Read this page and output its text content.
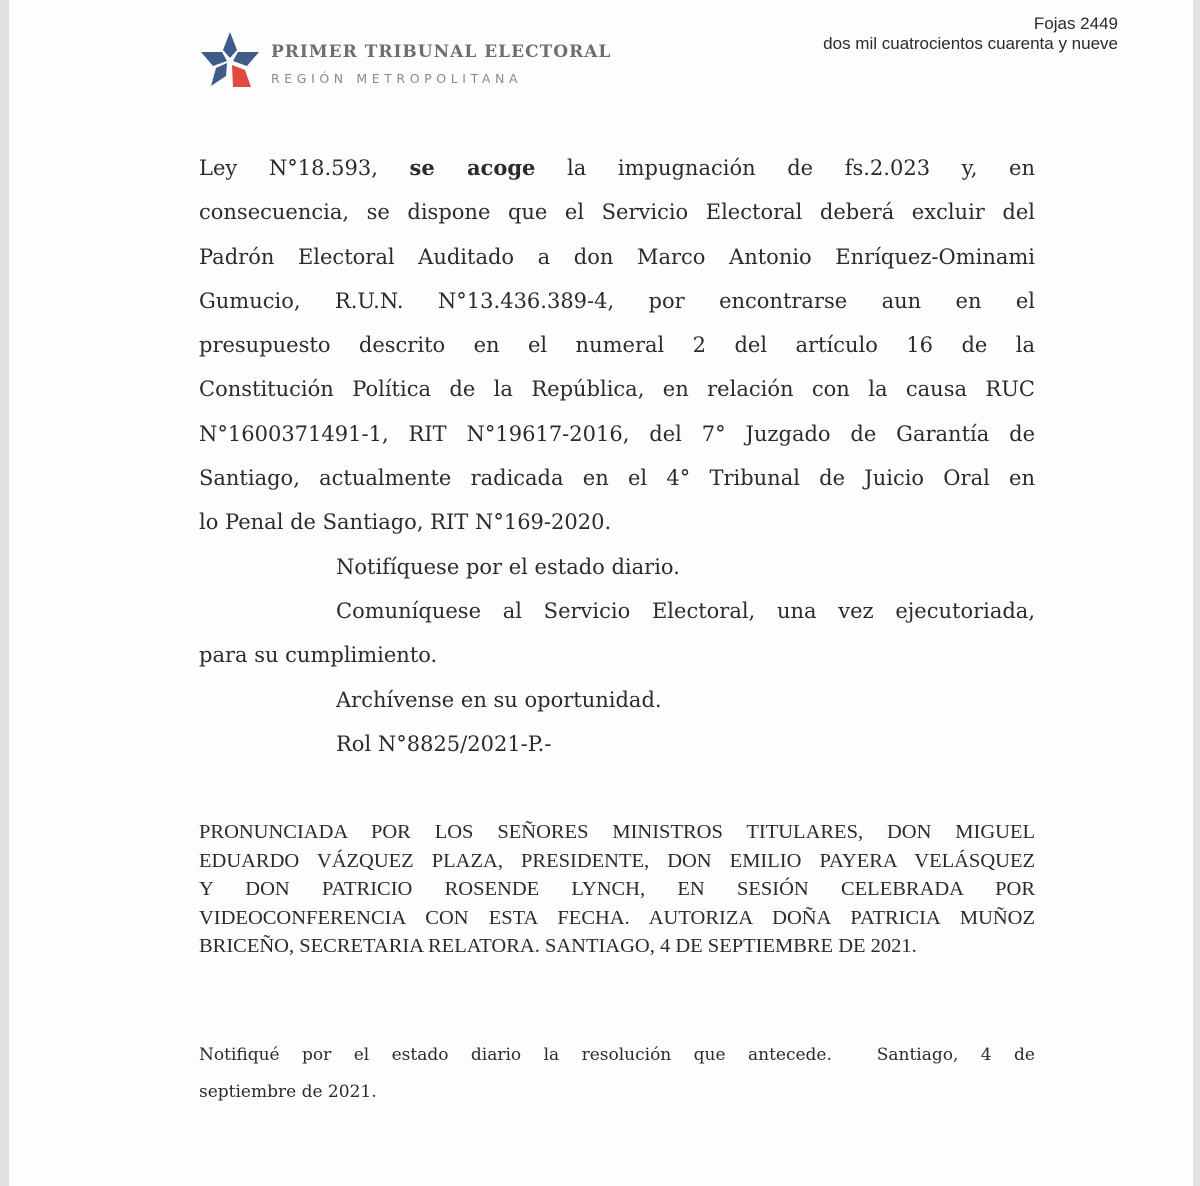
PRIMER TRIBUNAL ELECTORAL
REGIÓN METROPOLITANA
Fojas 2449
dos mil cuatrocientos cuarenta y nueve
Ley N°18.593, se acoge la impugnación de fs.2.023 y, en
consecuencia, se dispone que el Servicio Electoral deberá excluir del
Padrón Electoral Auditado a don Marco Antonio Enríquez-Ominami
Gumucio, R.U.N. N°13.436.389-4, por encontrarse aun en el
presupuesto descrito en el numeral 2 del artículo 16 de la
Constitución Política de la República, en relación con la causa RUC
N°1600371491-1, RIT N°19617-2016, del 7° Juzgado de Garantía de
Santiago, actualmente radicada en el 4° Tribunal de Juicio Oral en
lo Penal de Santiago, RIT N°169-2020.
Notifíquese por el estado diario.
Comuníquese al Servicio Electoral, una vez ejecutoriada,
para su cumplimiento.
Archívense en su oportunidad.
Rol N°8825/2021-P.-
PRONUNCIADA POR LOS SEÑORES MINISTROS TITULARES, DON MIGUEL
EDUARDO VÁZQUEZ PLAZA, PRESIDENTE, DON EMILIO PAYERA VELÁSQUEZ
Y DON PATRICIO ROSENDE LYNCH, EN SESIÓN CELEBRADA POR
VIDEOCONFERENCIA CON ESTA FECHA. AUTORIZA DOÑA PATRICIA MUÑOZ
BRICEÑO, SECRETARIA RELATORA. SANTIAGO, 4 DE SEPTIEMBRE DE 2021.
Notifiqué por el estado diario la resolución que antecede.  Santiago, 4 de
septiembre de 2021.
